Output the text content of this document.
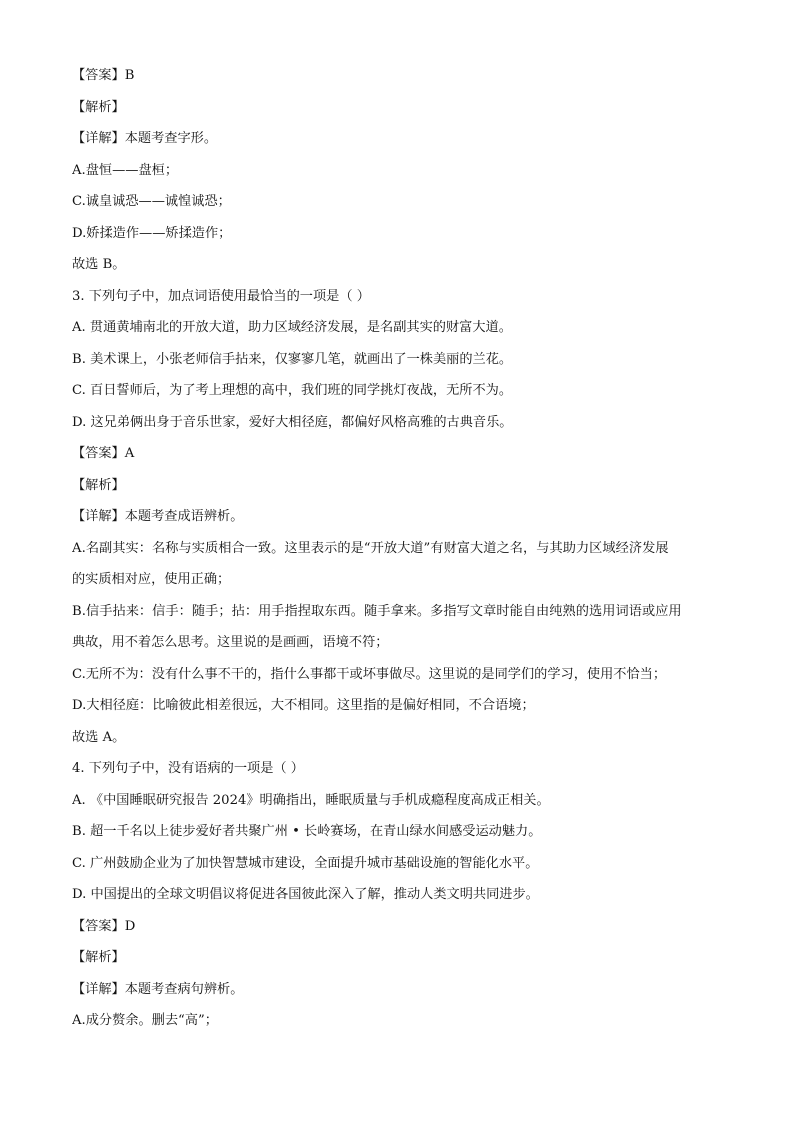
【答案】B
【解析】
【详解】本题考查字形。
A.盘恒——盘桓；
C.诚皇诚恐——诚惶诚恐；
D.娇揉造作——矫揉造作；
故选 B。
3. 下列句子中，加点词语使用最恰当的一项是（ ）
A. 贯通黄埔南北的开放大道，助力区域经济发展，是名副其实的财富大道。
B. 美术课上，小张老师信手拈来，仅寥寥几笔，就画出了一株美丽的兰花。
C. 百日誓师后，为了考上理想的高中，我们班的同学挑灯夜战，无所不为。
D. 这兄弟俩出身于音乐世家，爱好大相径庭，都偏好风格高雅的古典音乐。
【答案】A
【解析】
【详解】本题考查成语辨析。
A.名副其实：名称与实质相合一致。这里表示的是“开放大道”有财富大道之名，与其助力区域经济发展
的实质相对应，使用正确；
B.信手拈来：信手：随手；拈：用手指捏取东西。随手拿来。多指写文章时能自由纯熟的选用词语或应用
典故，用不着怎么思考。这里说的是画画，语境不符；
C.无所不为：没有什么事不干的，指什么事都干或坏事做尽。这里说的是同学们的学习，使用不恰当；
D.大相径庭：比喻彼此相差很远，大不相同。这里指的是偏好相同，不合语境；
故选 A。
4. 下列句子中，没有语病的一项是（ ）
A. 《中国睡眠研究报告 2024》明确指出，睡眠质量与手机成瘾程度高成正相关。
B. 超一千名以上徒步爱好者共聚广州 • 长岭赛场，在青山绿水间感受运动魅力。
C. 广州鼓励企业为了加快智慧城市建设，全面提升城市基础设施的智能化水平。
D. 中国提出的全球文明倡议将促进各国彼此深入了解，推动人类文明共同进步。
【答案】D
【解析】
【详解】本题考查病句辨析。
A.成分赘余。删去“高”；
